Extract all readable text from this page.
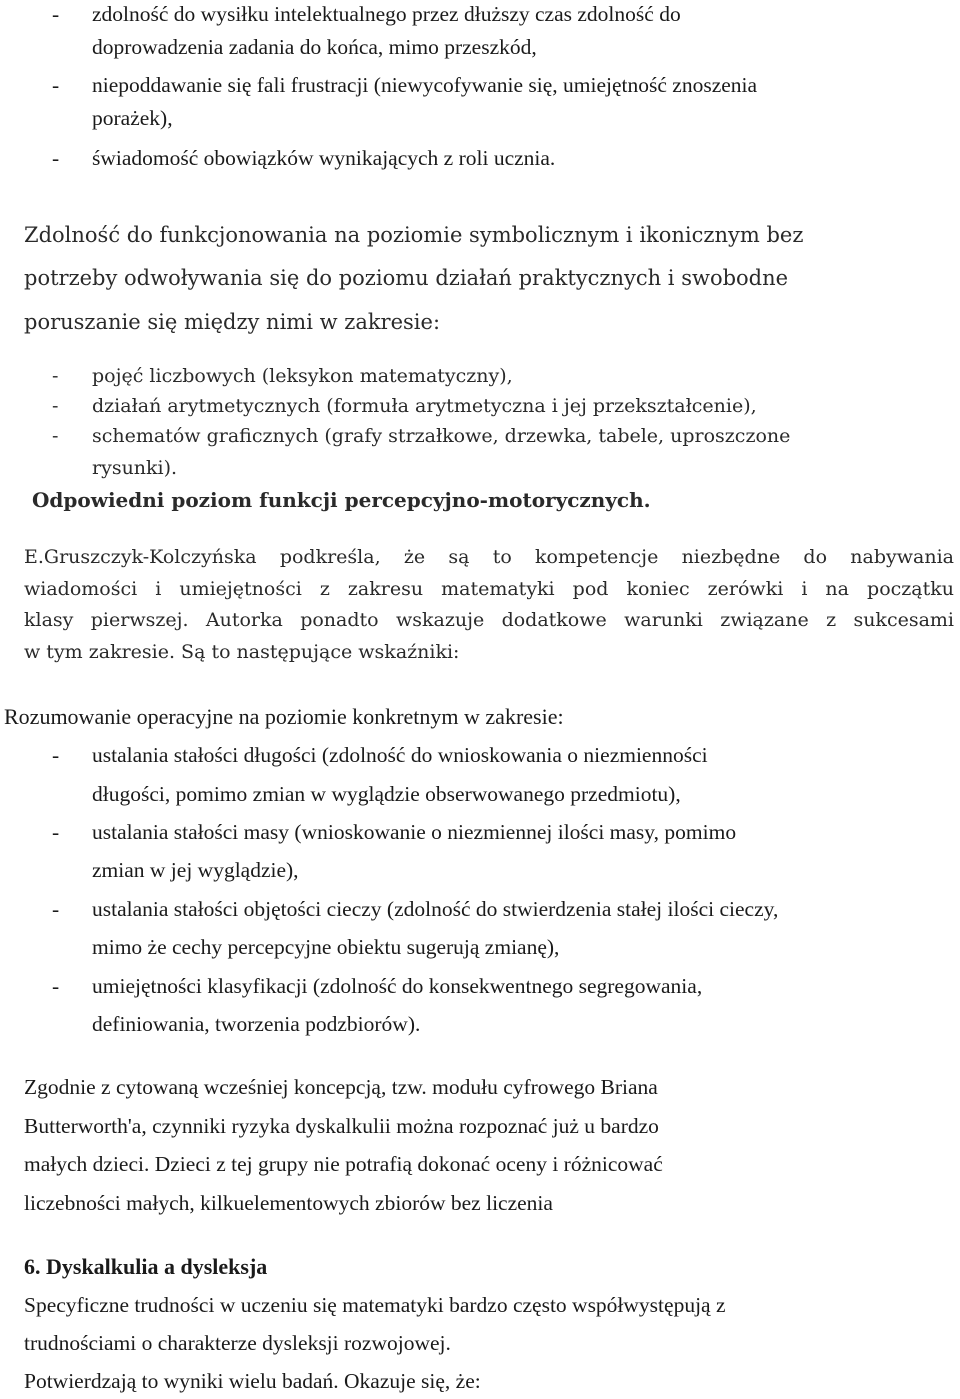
- zdolność do wysiłku intelektualnego przez dłuższy czas zdolność do
doprowadzenia zadania do końca, mimo przeszkód,
- niepoddawanie się fali frustracji (niewycofywanie się, umiejętność znoszenia
porażek),
- świadomość obowiązków wynikających z roli ucznia.
Zdolność do funkcjonowania na poziomie symbolicznym i ikonicznym bez
potrzeby odwoływania się do poziomu działań praktycznych i swobodne
poruszanie się między nimi w zakresie:
- pojęć liczbowych (leksykon matematyczny),
- działań arytmetycznych (formuła arytmetyczna i jej przekształcenie),
- schematów graficznych (grafy strzałkowe, drzewka, tabele, uproszczone
rysunki).
Odpowiedni poziom funkcji percepcyjno-motorycznych.
E.Gruszczyk-Kolczyńska podkreśla, że są to kompetencje niezbędne do nabywania
wiadomości i umiejętności z zakresu matematyki pod koniec zerówki i na początku
klasy pierwszej. Autorka ponadto wskazuje dodatkowe warunki związane z sukcesami
w tym zakresie. Są to następujące wskaźniki:
Rozumowanie operacyjne na poziomie konkretnym w zakresie:
- ustalania stałości długości (zdolność do wnioskowania o niezmienności
długości, pomimo zmian w wyglądzie obserwowanego przedmiotu),
- ustalania stałości masy (wnioskowanie o niezmiennej ilości masy, pomimo
zmian w jej wyglądzie),
- ustalania stałości objętości cieczy (zdolność do stwierdzenia stałej ilości cieczy,
mimo że cechy percepcyjne obiektu sugerują zmianę),
- umiejętności klasyfikacji (zdolność do konsekwentnego segregowania,
definiowania, tworzenia podzbiorów).
Zgodnie z cytowaną wcześniej koncepcją, tzw. modułu cyfrowego Briana
Butterworth'a, czynniki ryzyka dyskalkulii można rozpoznać już u bardzo
małych dzieci. Dzieci z tej grupy nie potrafią dokonać oceny i różnicować
liczebności małych, kilkuelementowych zbiorów bez liczenia
6. Dyskalkulia a dysleksja
Specyficzne trudności w uczeniu się matematyki bardzo często współwystępują z
trudnościami o charakterze dysleksji rozwojowej.
Potwierdzają to wyniki wielu badań. Okazuje się, że:
